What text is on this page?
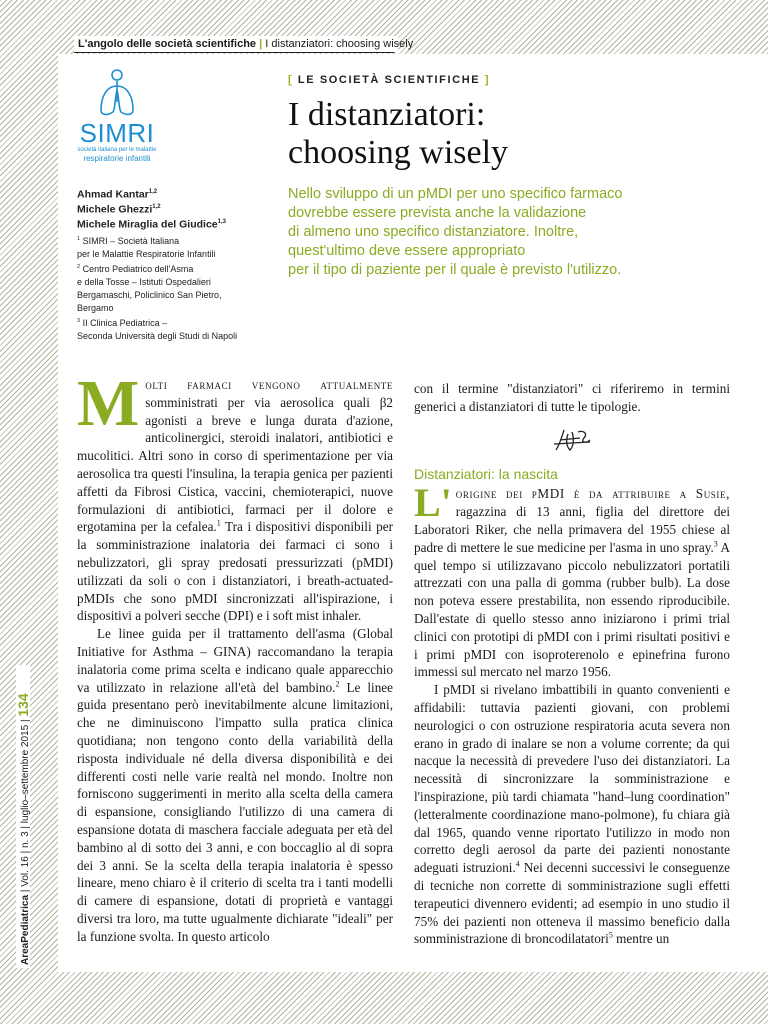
L'angolo delle società scientifiche | I distanziatori: choosing wisely
SIMRI
società italiana per le malattie
respiratorie infantili
Ahmad Kantar$^{1,2}$
Michele Ghezzi$^{1,2}$
Michele Miraglia del Giudice$^{1,3}$

$^1$ SIMRI – Società Italiana

per le Malattie Respiratorie Infantili

$^2$ Centro Pediatrico dell'Asma

e della Tosse – Istituti Ospedalieri

Bergamaschi, Policlinico San Pietro,

Bergamo

$^3$ II Clinica Pediatrica –

Seconda Università degli Studi di Napoli

[ LE SOCIETÀ SCIENTIFICHE ]
I distanziatori:
choosing wisely

Nello sviluppo di un pMDI per uno specifico farmaco
dovrebbe essere prevista anche la validazione
di almeno uno specifico distanziatore. Inoltre,
quest'ultimo deve essere appropriato
per il tipo di paziente per il quale è previsto l'utilizzo.

AreaPediatrica | Vol. 16 | n. 3 | luglio–settembre 2015 | 134

Molti farmaci vengono attualmente somministrati per via aerosolica quali β2 agonisti a breve e lunga durata d'azione, anticolinergici, steroidi inalatori, antibiotici e mucolitici. Altri sono in corso di sperimentazione per via aerosolica tra questi l'insulina, la terapia genica per pazienti affetti da Fibrosi Cistica, vaccini, chemioterapici, nuove formulazioni di antibiotici, farmaci per il dolore e ergotamina per la cefalea.$^1$ Tra i dispositivi disponibili per la somministrazione inalatoria dei farmaci ci sono i nebulizzatori, gli spray predosati pressurizzati (pMDI) utilizzati da soli o con i distanziatori, i breath-actuated-pMDIs che sono pMDI sincronizzati all'ispirazione, i dispositivi a polveri secche (DPI) e i soft mist inhaler.

Le linee guida per il trattamento dell'asma (Global Initiative for Asthma – GINA) raccomandano la terapia inalatoria come prima scelta e indicano quale apparecchio va utilizzato in relazione all'età del bambino.$^2$ Le linee guida presentano però inevitabilmente alcune limitazioni, che ne diminuiscono l'impatto sulla pratica clinica quotidiana; non tengono conto della variabilità della risposta individuale né della diversa disponibilità e dei differenti costi nelle varie realtà nel mondo. Inoltre non forniscono suggerimenti in merito alla scelta della camera di espansione, consigliando l'utilizzo di una camera di espansione dotata di maschera facciale adeguata per età del bambino al di sotto dei 3 anni, e con boccaglio al di sopra dei 3 anni. Se la scelta della terapia inalatoria è spesso lineare, meno chiaro è il criterio di scelta tra i tanti modelli di camere di espansione, dotati di proprietà e vantaggi diversi tra loro, ma tutte ugualmente dichiarate "ideali" per la funzione svolta. In questo articolo

con il termine "distanziatori" ci riferiremo in termini generici a distanziatori di tutte le tipologie.

Distanziatori: la nascita

L' origine dei pMDI è da attribuire a Susie, ragazzina di 13 anni, figlia del direttore dei Laboratori Riker, che nella primavera del 1955 chiese al padre di mettere le sue medicine per l'asma in uno spray.$^3$ A quel tempo si utilizzavano piccolo nebulizzatori portatili attrezzati con una palla di gomma (rubber bulb). La dose non poteva essere prestabilita, non essendo riproducibile. Dall'estate di quello stesso anno iniziarono i primi trial clinici con prototipi di pMDI con i primi risultati positivi e i primi pMDI con isoproterenolo e epinefrina furono immessi sul mercato nel marzo 1956.

I pMDI si rivelano imbattibili in quanto convenienti e affidabili: tuttavia pazienti giovani, con problemi neurologici o con ostruzione respiratoria acuta severa non erano in grado di inalare se non a volume corrente; da qui nacque la necessità di prevedere l'uso dei distanziatori. La necessità di sincronizzare la somministrazione e l'inspirazione, più tardi chiamata "hand–lung coordination" (letteralmente coordinazione mano-polmone), fu chiara già dal 1965, quando venne riportato l'utilizzo in modo non corretto degli aerosol da parte dei pazienti nonostante adeguati istruzioni.$^4$ Nei decenni successivi le conseguenze di tecniche non corrette di somministrazione sugli effetti terapeutici divennero evidenti; ad esempio in uno studio il 75% dei pazienti non otteneva il massimo beneficio dalla somministrazione di broncodilatatori$^5$ mentre un
